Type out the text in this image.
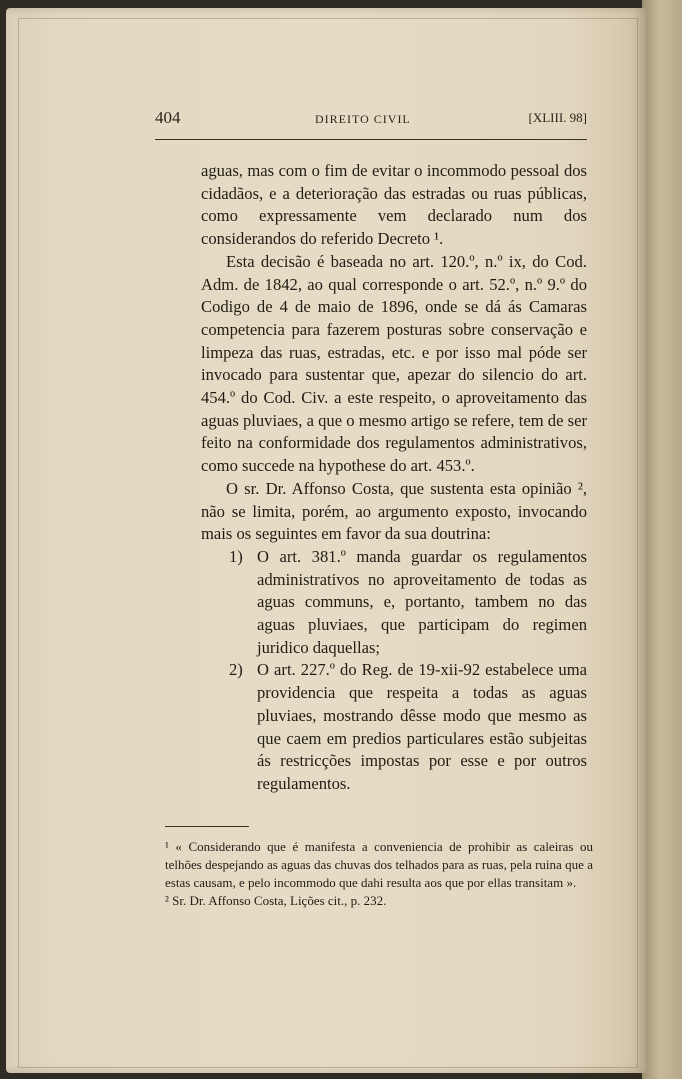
404	DIREITO CIVIL	[XLIII. 98]

aguas, mas com o fim de evitar o incommodo pessoal dos cidadãos, e a deterioração das estradas ou ruas públicas, como expressamente vem declarado num dos considerandos do referido Decreto ¹.

Esta decisão é baseada no art. 120.º, n.º ix, do Cod. Adm. de 1842, ao qual corresponde o art. 52.º, n.º 9.º do Codigo de 4 de maio de 1896, onde se dá ás Camaras competencia para fazerem posturas sobre conservação e limpeza das ruas, estradas, etc. e por isso mal póde ser invocado para sustentar que, apezar do silencio do art. 454.º do Cod. Civ. a este respeito, o aproveitamento das aguas pluviaes, a que o mesmo artigo se refere, tem de ser feito na conformidade dos regulamentos administrativos, como succede na hypothese do art. 453.º.

O sr. Dr. Affonso Costa, que sustenta esta opinião ², não se limita, porém, ao argumento exposto, invocando mais os seguintes em favor da sua doutrina:

1) O art. 381.º manda guardar os regulamentos administrativos no aproveitamento de todas as aguas communs, e, portanto, tambem no das aguas pluviaes, que participam do regimen juridico daquellas;
2) O art. 227.º do Reg. de 19-xii-92 estabelece uma providencia que respeita a todas as aguas pluviaes, mostrando dêsse modo que mesmo as que caem em predios particulares estão subjeitas ás restricções impostas por esse e por outros regulamentos.

¹ « Considerando que é manifesta a conveniencia de prohibir as caleiras ou telhões despejando as aguas das chuvas dos telhados para as ruas, pela ruina que a estas causam, e pelo incommodo que dahi resulta aos que por ellas transitam ».

² Sr. Dr. Affonso Costa, Lições cit., p. 232.
